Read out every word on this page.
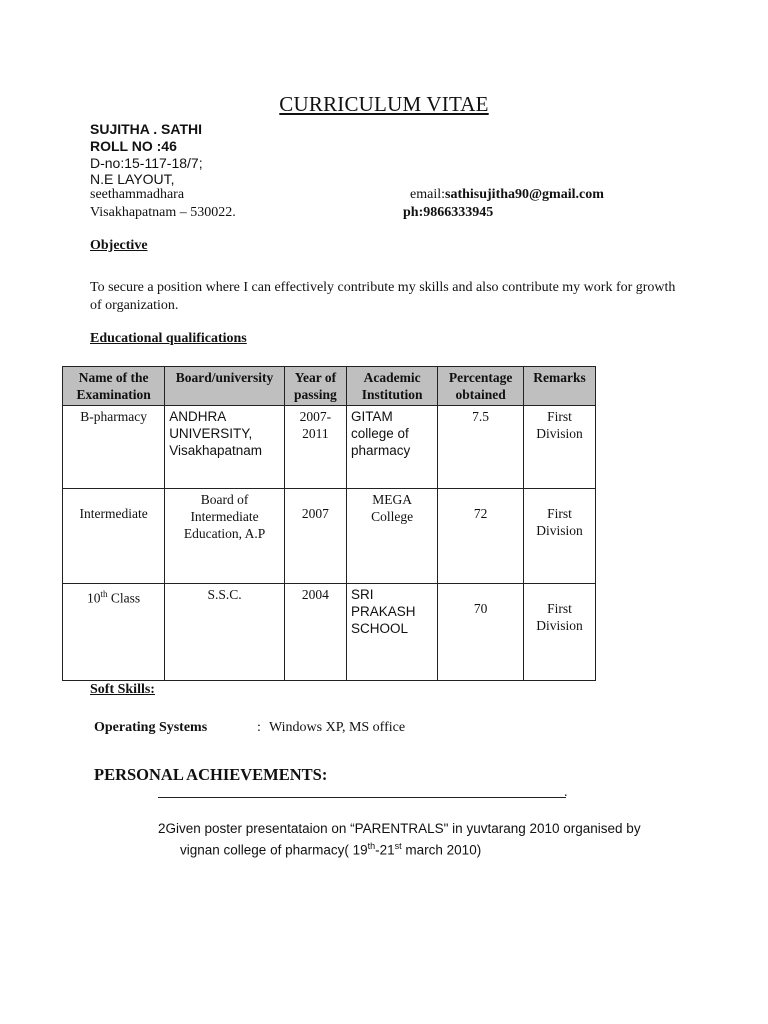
CURRICULUM VITAE
SUJITHA . SATHI
ROLL NO :46
D-no:15-117-18/7;
N.E LAYOUT,
seethammadhara
Visakhapatnam – 530022.
email:sathisujitha90@gmail.com
ph:9866333945
Objective
To secure a position where I can effectively contribute my skills and also contribute my work for growth of organization.
Educational qualifications
Name of the Examination	Board/university	Year of passing	Academic Institution	Percentage obtained	Remarks
B-pharmacy	ANDHRA UNIVERSITY, Visakhapatnam	2007-2011	GITAM college of pharmacy	7.5	First Division
Intermediate	Board of Intermediate Education, A.P	2007	MEGA College	72	First Division
10th Class	S.S.C.	2004	SRI PRAKASH SCHOOL	70	First Division
Soft Skills:
Operating Systems	: Windows XP, MS office
PERSONAL ACHIEVEMENTS:
.
2Given poster presentataion on “PARENTRALS" in yuvtarang 2010 organised by
vignan college of pharmacy( 19th-21st march 2010)
